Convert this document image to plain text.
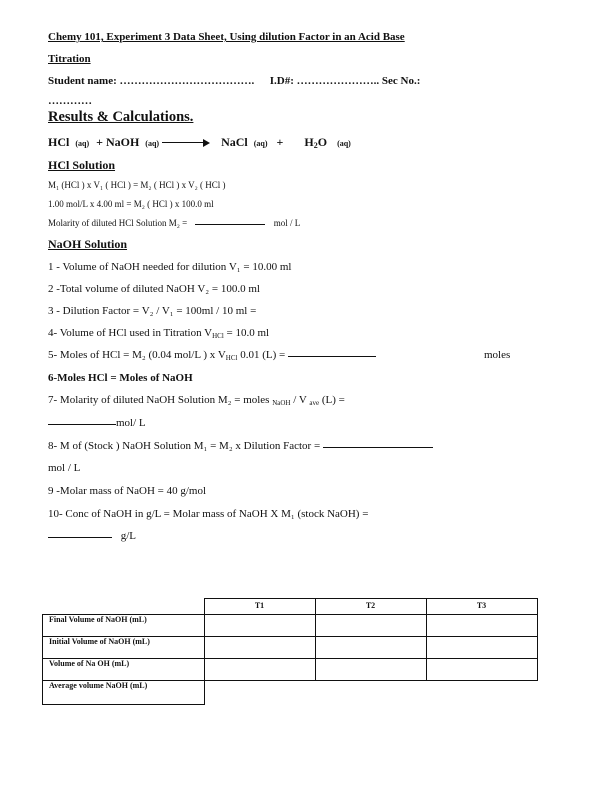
Chemy 101, Experiment 3 Data Sheet, Using dilution Factor in an Acid Base
Titration
Student name: ………………………………. I.D#: ………………….. Sec No.:
…………
Results & Calculations.
HCl (aq) + NaOH (aq)	NaCl $(aq) + H_2O$ (aq)
HCl Solution
M₁ (HCl ) x V₁ ( HCl ) = M₂ ( HCl ) x V₂ ( HCl )
1.00 mol/L x 4.00 ml = M₂ ( HCl ) x 100.0 ml
Molarity of diluted HCl Solution M₂ =	mol / L
NaOH Solution
1 - Volume of NaOH needed for dilution V₁ = 10.00 ml
2 -Total volume of diluted NaOH V₂ = 100.0 ml
3 - Dilution Factor = V₂ / V₁ = 100ml / 10 ml =
4- Volume of HCl used in Titration $V_{HCl} = 10.0$ ml
5- Moles of HCl = M₂ (0.04 mol/L ) x $V_{HCl}$ 0.01 (L) =	moles
6-Moles HCl = Moles of NaOH
7- Molarity of diluted NaOH Solution M₂ = moles $_{NaOH}$ / V $_{ave}$ (L) =
mol/ L
8- M of (Stock ) NaOH Solution M₁ = M₂ x Dilution Factor =
mol / L
9 -Molar mass of NaOH = 40 g/mol
10- Conc of NaOH in g/L = Molar mass of NaOH X M₁ (stock NaOH) =
g/L
	T1	T2	T3
Final Volume of NaOH (mL)			
Initial Volume of NaOH (mL)			
Volume of Na OH (mL)			
Average volume NaOH (mL)			
